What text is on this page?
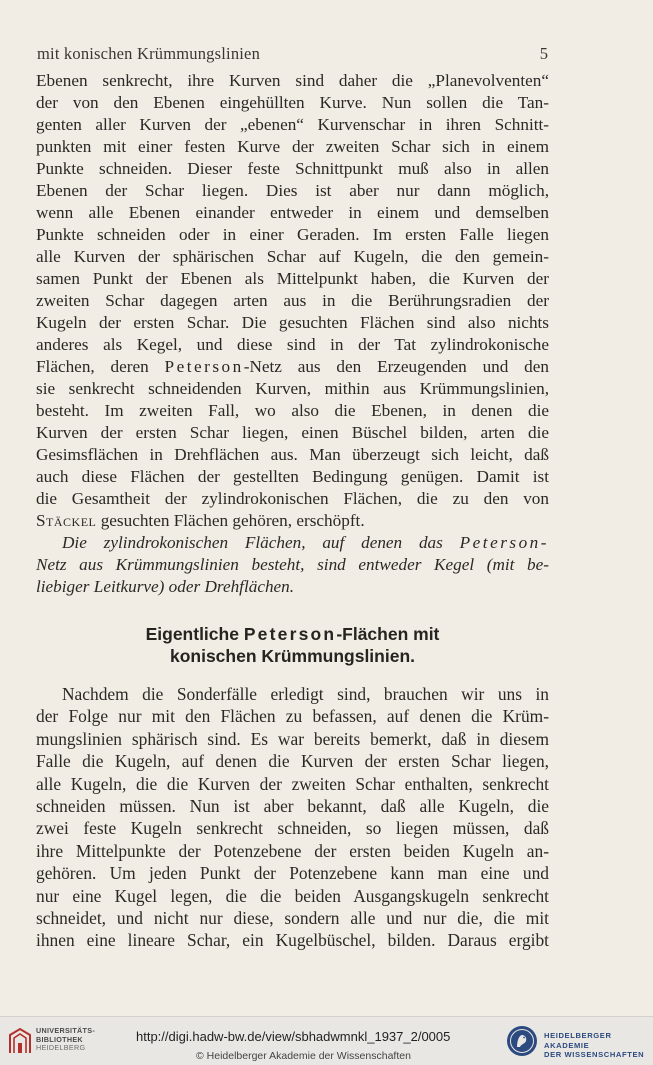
mit konischen Krümmungslinien	5

Ebenen senkrecht, ihre Kurven sind daher die „Planevolventen“
der von den Ebenen eingehüllten Kurve. Nun sollen die Tan-
genten aller Kurven der „ebenen“ Kurvenschar in ihren Schnitt-
punkten mit einer festen Kurve der zweiten Schar sich in einem
Punkte schneiden. Dieser feste Schnittpunkt muß also in allen
Ebenen der Schar liegen. Dies ist aber nur dann möglich,
wenn alle Ebenen einander entweder in einem und demselben
Punkte schneiden oder in einer Geraden. Im ersten Falle liegen
alle Kurven der sphärischen Schar auf Kugeln, die den gemein-
samen Punkt der Ebenen als Mittelpunkt haben, die Kurven der
zweiten Schar dagegen arten aus in die Berührungsradien der
Kugeln der ersten Schar. Die gesuchten Flächen sind also nichts
anderes als Kegel, und diese sind in der Tat zylindrokonische
Flächen, deren Peterson-Netz aus den Erzeugenden und den
sie senkrecht schneidenden Kurven, mithin aus Krümmungslinien,
besteht. Im zweiten Fall, wo also die Ebenen, in denen die
Kurven der ersten Schar liegen, einen Büschel bilden, arten die
Gesimsflächen in Drehflächen aus. Man überzeugt sich leicht, daß
auch diese Flächen der gestellten Bedingung genügen. Damit ist
die Gesamtheit der zylindrokonischen Flächen, die zu den von
Stäckel gesuchten Flächen gehören, erschöpft.

Die zylindrokonischen Flächen, auf denen das Peterson-
Netz aus Krümmungslinien besteht, sind entweder Kegel (mit be-
liebiger Leitkurve) oder Drehflächen.

Eigentliche Peterson-Flächen mit
konischen Krümmungslinien.

Nachdem die Sonderfälle erledigt sind, brauchen wir uns in
der Folge nur mit den Flächen zu befassen, auf denen die Krüm-
mungslinien sphärisch sind. Es war bereits bemerkt, daß in diesem
Falle die Kugeln, auf denen die Kurven der ersten Schar liegen,
alle Kugeln, die die Kurven der zweiten Schar enthalten, senkrecht
schneiden müssen. Nun ist aber bekannt, daß alle Kugeln, die
zwei feste Kugeln senkrecht schneiden, so liegen müssen, daß
ihre Mittelpunkte der Potenzebene der ersten beiden Kugeln an-
gehören. Um jeden Punkt der Potenzebene kann man eine und
nur eine Kugel legen, die die beiden Ausgangskugeln senkrecht
schneidet, und nicht nur diese, sondern alle und nur die, die mit
ihnen eine lineare Schar, ein Kugelbüschel, bilden. Daraus ergibt

UNIVERSITÄTS-
BIBLIOTHEK
HEIDELBERG
http://digi.hadw-bw.de/view/sbhadwmnkl_1937_2/0005
© Heidelberger Akademie der Wissenschaften
HEIDELBERGER AKADEMIE
DER WISSENSCHAFTEN
